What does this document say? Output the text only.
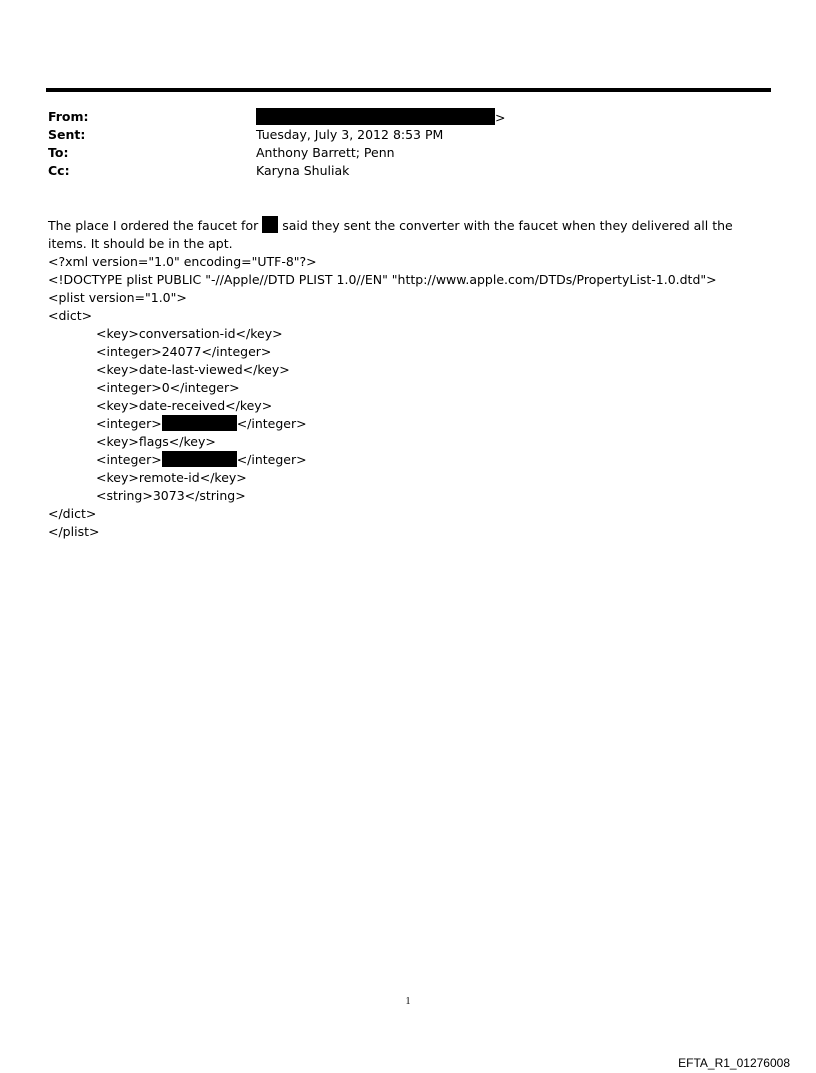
From:	>
Sent:	Tuesday, July 3, 2012 8:53 PM
To:	Anthony Barrett; Penn
Cc:	Karyna Shuliak
The place I ordered the faucet for  said they sent the converter with the faucet when they delivered all the items. It should be in the apt.
<?xml version="1.0" encoding="UTF-8"?>
<!DOCTYPE plist PUBLIC "-//Apple//DTD PLIST 1.0//EN" "http://www.apple.com/DTDs/PropertyList-1.0.dtd">
<plist version="1.0">
<dict>
<key>conversation-id</key>
<integer>24077</integer>
<key>date-last-viewed</key>
<integer>0</integer>
<key>date-received</key>
<integer>	</integer>
<key>flags</key>
<integer>	</integer>
<key>remote-id</key>
<string>3073</string>
</dict>
</plist>
1
EFTA_R1_01276008
